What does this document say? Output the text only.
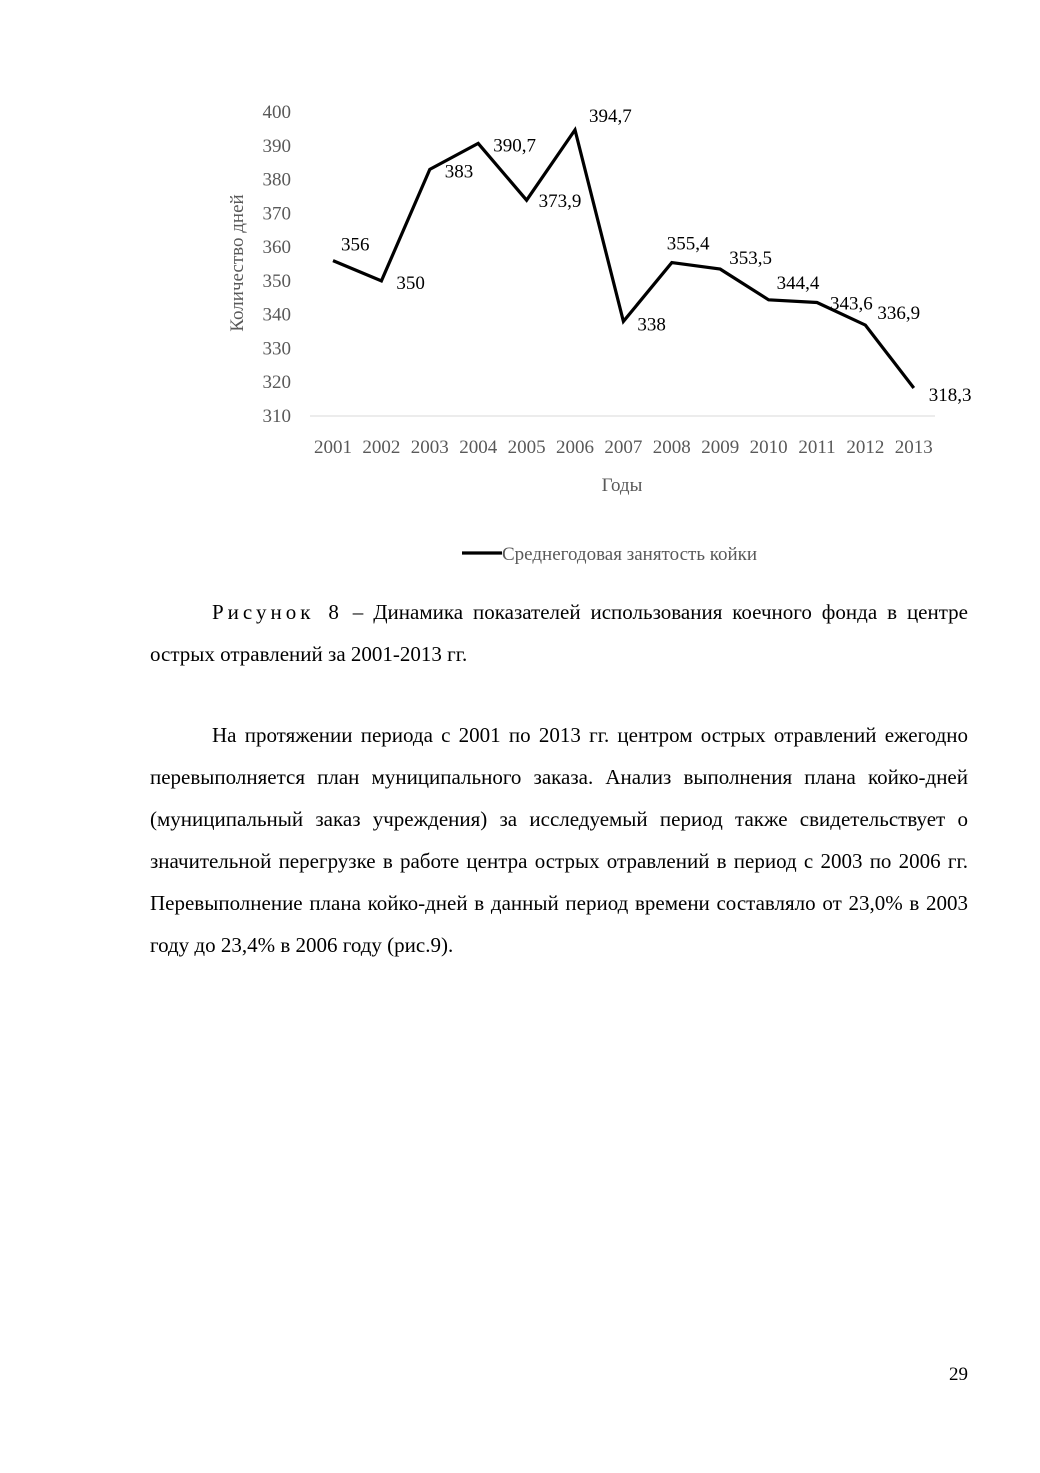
310
320
330
340
350
360
370
380
390
400
2001 2002 2003 2004 2005 2006 2007 2008 2009 2010 2011 2012 2013
356
350
383
390,7
373,9
394,7
338
355,4
353,5
344,4
343,6 336,9
318,3
Количество дней
Годы
Среднегодовая занятость койки
Рисунок 8 – Динамика показателей использования коечного фонда в центре острых отравлений за 2001-2013 гг.

На протяжении периода с 2001 по 2013 гг. центром острых отравлений ежегодно перевыполняется план муниципального заказа. Анализ выполнения плана койко-дней (муниципальный заказ учреждения) за исследуемый период также свидетельствует о значительной перегрузке в работе центра острых отравлений в период с 2003 по 2006 гг. Перевыполнение плана койко-дней в данный период времени составляло от 23,0% в 2003 году до 23,4% в 2006 году (рис.9).

29
